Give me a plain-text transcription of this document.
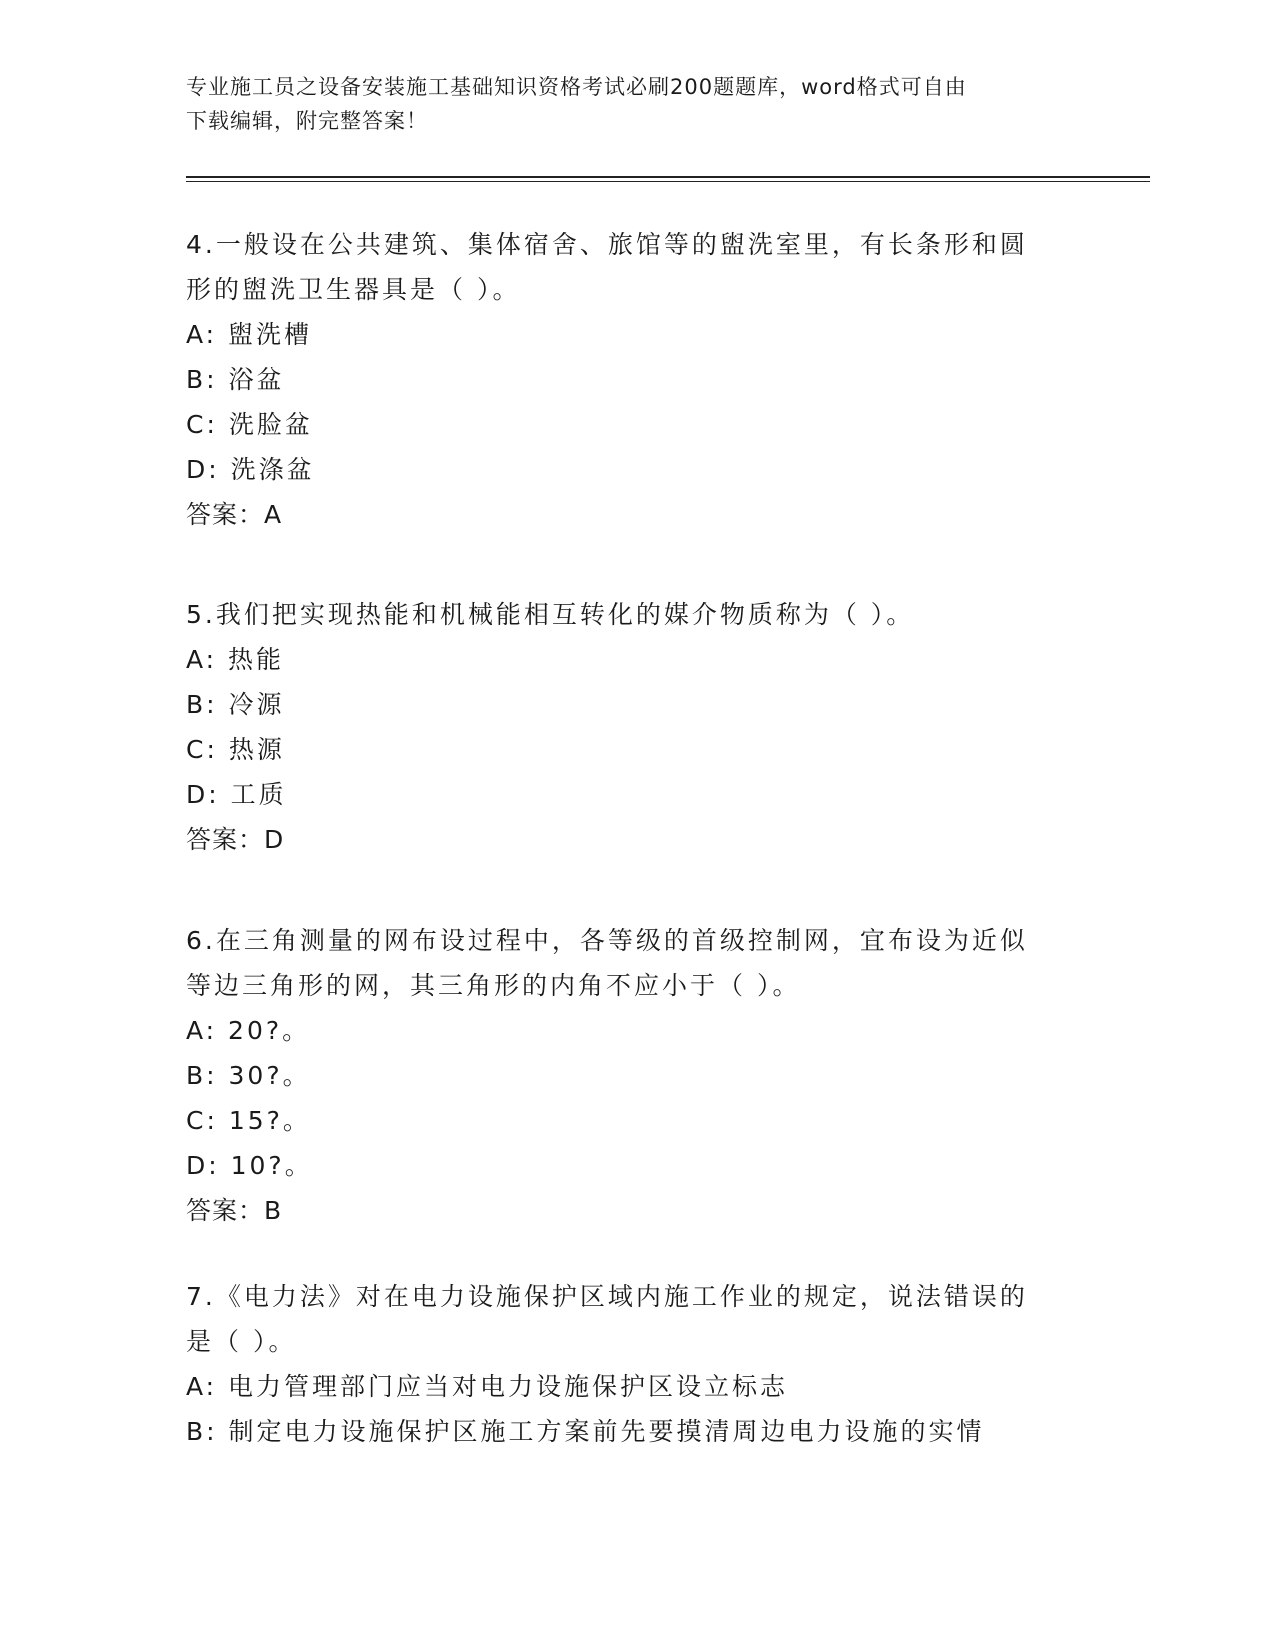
专业施工员之设备安装施工基础知识资格考试必刷200题题库，word格式可自由
下载编辑，附完整答案！

4.一般设在公共建筑、集体宿舍、旅馆等的盥洗室里，有长条形和圆

形的盥洗卫生器具是（ ）。

A: 盥洗槽

B: 浴盆

C: 洗脸盆

D: 洗涤盆

答案：A

5.我们把实现热能和机械能相互转化的媒介物质称为（ ）。

A: 热能

B: 冷源

C: 热源

D: 工质

答案：D

6.在三角测量的网布设过程中，各等级的首级控制网，宜布设为近似

等边三角形的网，其三角形的内角不应小于（ ）。

A: 20?。

B: 30?。

C: 15?。

D: 10?。

答案：B

7.《电力法》对在电力设施保护区域内施工作业的规定，说法错误的

是（ ）。

A: 电力管理部门应当对电力设施保护区设立标志

B: 制定电力设施保护区施工方案前先要摸清周边电力设施的实情
